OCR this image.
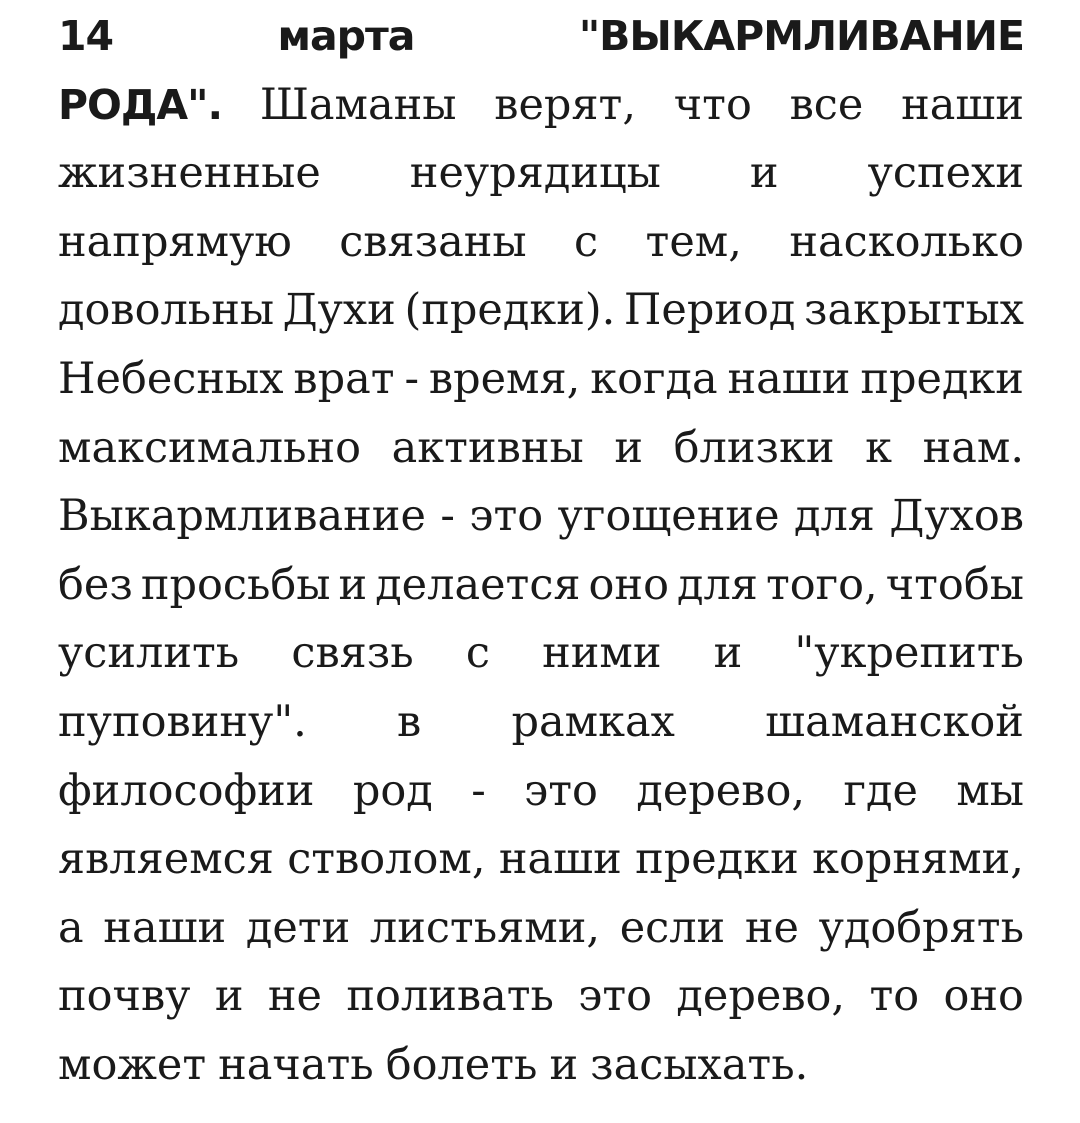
14	марта	"ВЫКАРМЛИВАНИЕ
РОДА". Шаманы верят, что все наши
жизненные неурядицы и успехи
напрямую связаны с тем, насколько
довольны Духи (предки). Период закрытых
Небесных врат - время, когда наши предки
максимально активны и близки к нам.
Выкармливание - это угощение для Духов
без просьбы и делается оно для того, чтобы
усилить связь с ними и "укрепить
пуповину". в рамках шаманской
философии род - это дерево, где мы
являемся стволом, наши предки корнями,
а наши дети листьями, если не удобрять
почву и не поливать это дерево, то оно
может начать болеть и засыхать.
